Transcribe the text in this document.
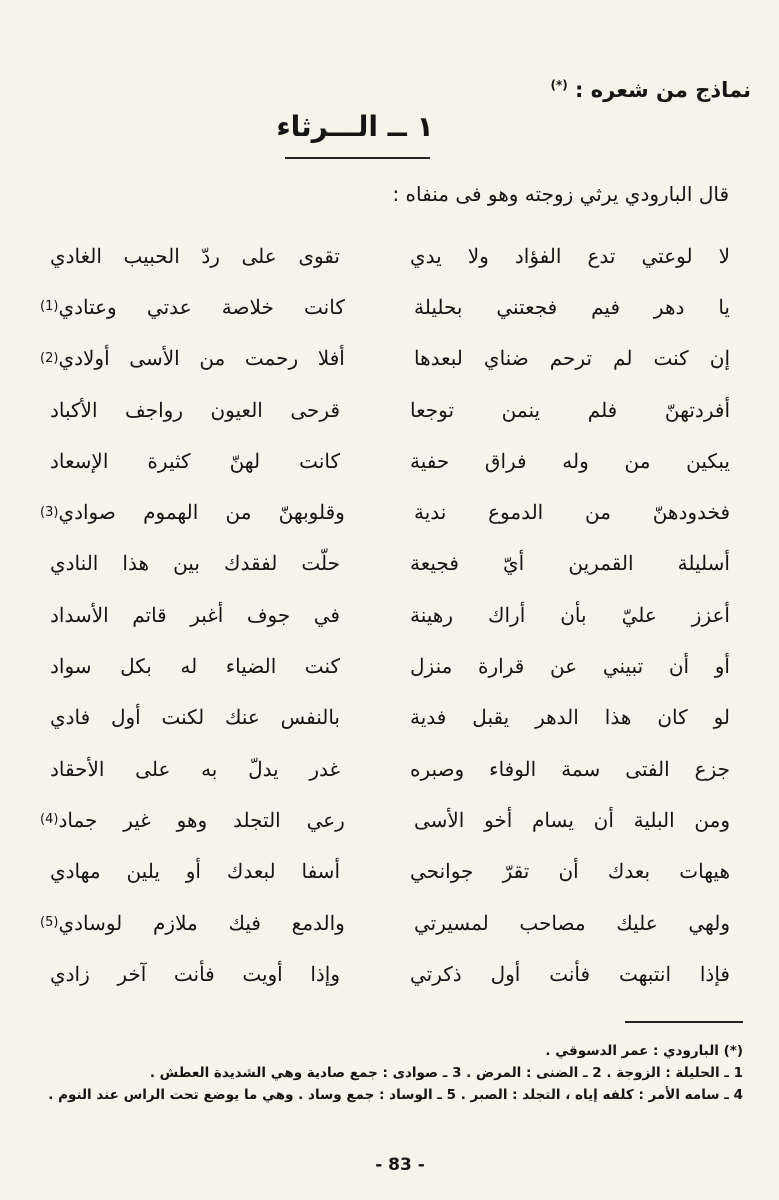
نماذج من شعره : (*)
١ ــ الـــرثاء
قال البارودي يرثي زوجته وهو فى منفاه :
لا لوعتي تدع الفؤاد ولا يدي
تقوى على ردّ الحبيب الغادي
يا دهر فيم فجعتني بحليلة
كانت خلاصة عدتي وعتادي
(1)
إن كنت لم ترحم ضناي لبعدها
أفلا رحمت من الأسى أولادي
(2)
أفردتهنّ فلم ينمن توجعا
قرحى العيون رواجف الأكباد
يبكين من وله فراق حفية
كانت لهنّ كثيرة الإسعاد
فخدودهنّ من الدموع ندية
وقلوبهنّ من الهموم صوادي
(3)
أسليلة القمرين أيّ فجيعة
حلّت لفقدك بين هذا النادي
أعزز عليّ بأن أراك رهينة
في جوف أغبر قاتم الأسداد
أو أن تبيني عن قرارة منزل
كنت الضياء له بكل سواد
لو كان هذا الدهر يقبل فدية
بالنفس عنك لكنت أول فادي
جزع الفتى سمة الوفاء وصبره
غدر يدلّ به على الأحقاد
ومن البلية أن يسام أخو الأسى
رعي التجلد وهو غير جماد
(4)
هيهات بعدك أن تقرّ جوانحي
أسفا لبعدك أو يلين مهادي
ولهي عليك مصاحب لمسيرتي
والدمع فيك ملازم لوسادي
(5)
فإذا انتبهت فأنت أول ذكرتي
وإذا أويت فأنت آخر زادي
(*) البارودي : عمر الدسوقي .
1 ـ الحليلة : الزوجة . 2 ـ الضنى : المرض . 3 ـ صوادى : جمع صادية وهي الشديدة العطش .
4 ـ سامه الأمر : كلفه إياه ، التجلد : الصبر . 5 ـ الوساد : جمع وساد . وهي ما يوضع تحت الراس عند النوم .
- 83 -
